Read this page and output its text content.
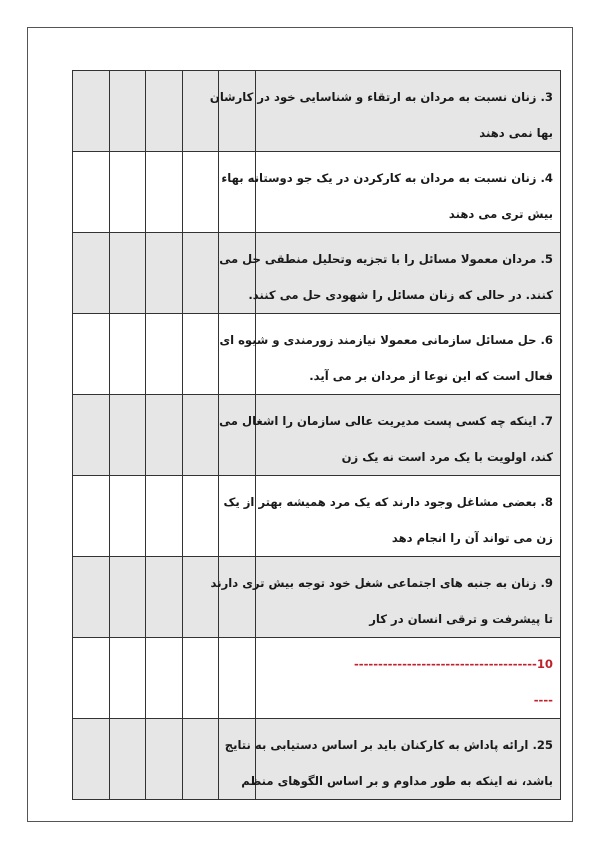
					3. زنان نسبت به مردان به ارتقاء و شناسایی خود در کارشان
بها نمی دهند

					4. زنان نسبت به مردان به کارکردن در یک جو دوستانه بهاء
بیش تری می دهند

					5. مردان معمولا مسائل را با تجزیه وتحلیل منطقی حل می
کنند. در حالی که زنان مسائل را شهودی حل می کنند.

					6. حل مسائل سازمانی معمولا نیازمند زورمندی و شیوه ای
فعال است که این نوعا از مردان بر می آید.

					7. اینکه چه کسی پست مدیریت عالی سازمان را اشغال می
کند، اولویت با یک مرد است نه یک زن

					8. بعضی مشاغل وجود دارند که یک مرد همیشه بهتر از یک
زن می تواند آن را انجام دهد

					9. زنان به جنبه های اجتماعی شغل خود توجه بیش تری دارند
تا پیشرفت و ترقی انسان در کار

					10--------------------------------------
----

					25. ارائه پاداش به کارکنان باید بر اساس دستیابی به نتایج
باشد، نه اینکه به طور مداوم و بر اساس الگوهای منظم
